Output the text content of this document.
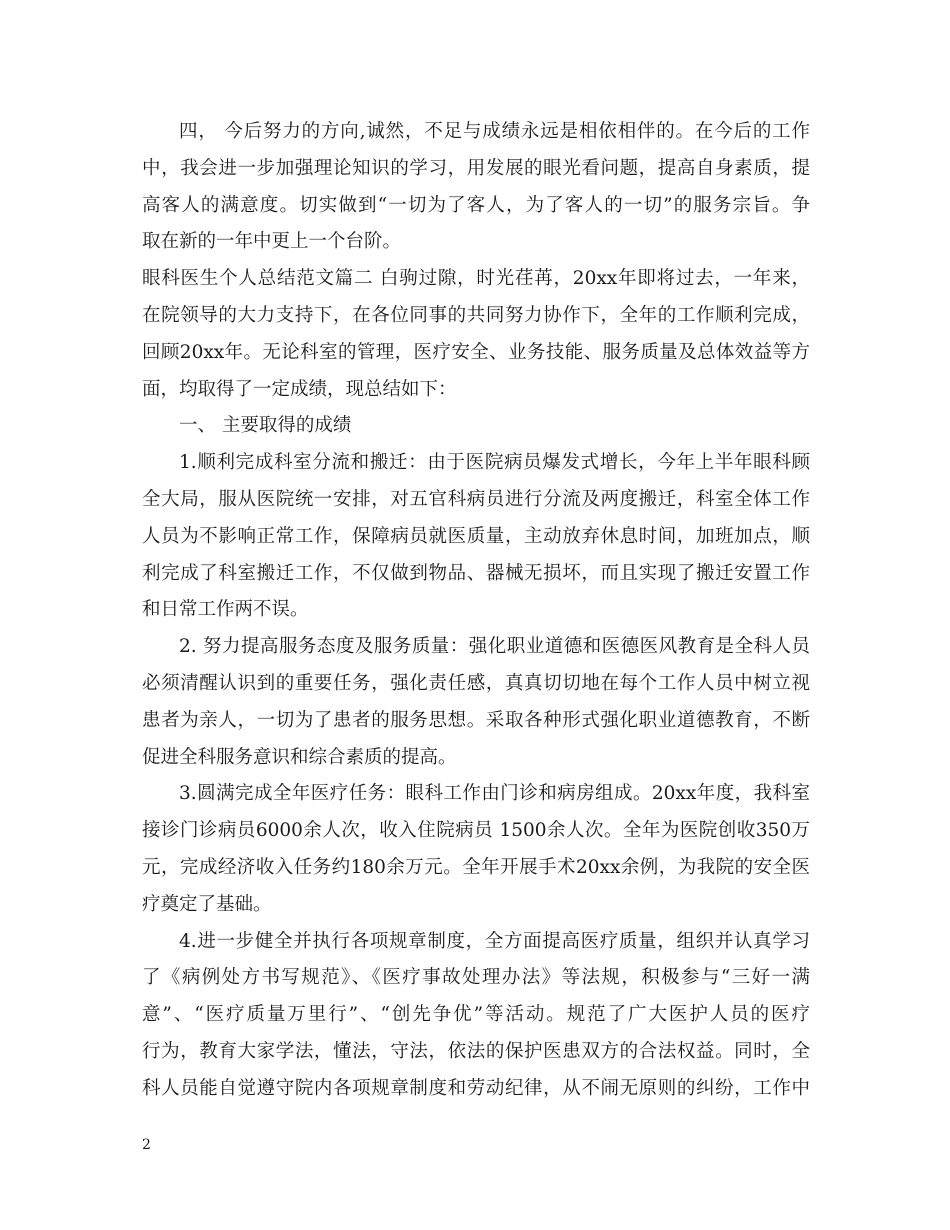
四， 今后努力的方向,诚然，不足与成绩永远是相依相伴的。在今后的工作
中，我会进一步加强理论知识的学习，用发展的眼光看问题，提高自身素质，提
高客人的满意度。切实做到“一切为了客人，为了客人的一切”的服务宗旨。争
取在新的一年中更上一个台阶。
眼科医生个人总结范文篇二 白驹过隙，时光荏苒，20xx年即将过去，一年来，
在院领导的大力支持下，在各位同事的共同努力协作下，全年的工作顺利完成，
回顾20xx年。无论科室的管理，医疗安全、业务技能、服务质量及总体效益等方
面，均取得了一定成绩，现总结如下：
一、 主要取得的成绩
1.顺利完成科室分流和搬迁：由于医院病员爆发式增长，今年上半年眼科顾
全大局，服从医院统一安排，对五官科病员进行分流及两度搬迁，科室全体工作
人员为不影响正常工作，保障病员就医质量，主动放弃休息时间，加班加点，顺
利完成了科室搬迁工作，不仅做到物品、器械无损坏，而且实现了搬迁安置工作
和日常工作两不误。
2. 努力提高服务态度及服务质量：强化职业道德和医德医风教育是全科人员
必须清醒认识到的重要任务，强化责任感，真真切切地在每个工作人员中树立视
患者为亲人，一切为了患者的服务思想。采取各种形式强化职业道德教育，不断
促进全科服务意识和综合素质的提高。
3.圆满完成全年医疗任务：眼科工作由门诊和病房组成。20xx年度，我科室
接诊门诊病员6000余人次，收入住院病员 1500余人次。全年为医院创收350万
元，完成经济收入任务约180余万元。全年开展手术20xx余例，为我院的安全医
疗奠定了基础。
4.进一步健全并执行各项规章制度，全方面提高医疗质量，组织并认真学习
了《病例处方书写规范》、《医疗事故处理办法》等法规，积极参与“三好一满
意”、“医疗质量万里行”、“创先争优”等活动。规范了广大医护人员的医疗
行为，教育大家学法，懂法，守法，依法的保护医患双方的合法权益。同时，全
科人员能自觉遵守院内各项规章制度和劳动纪律，从不闹无原则的纠纷，工作中
2
